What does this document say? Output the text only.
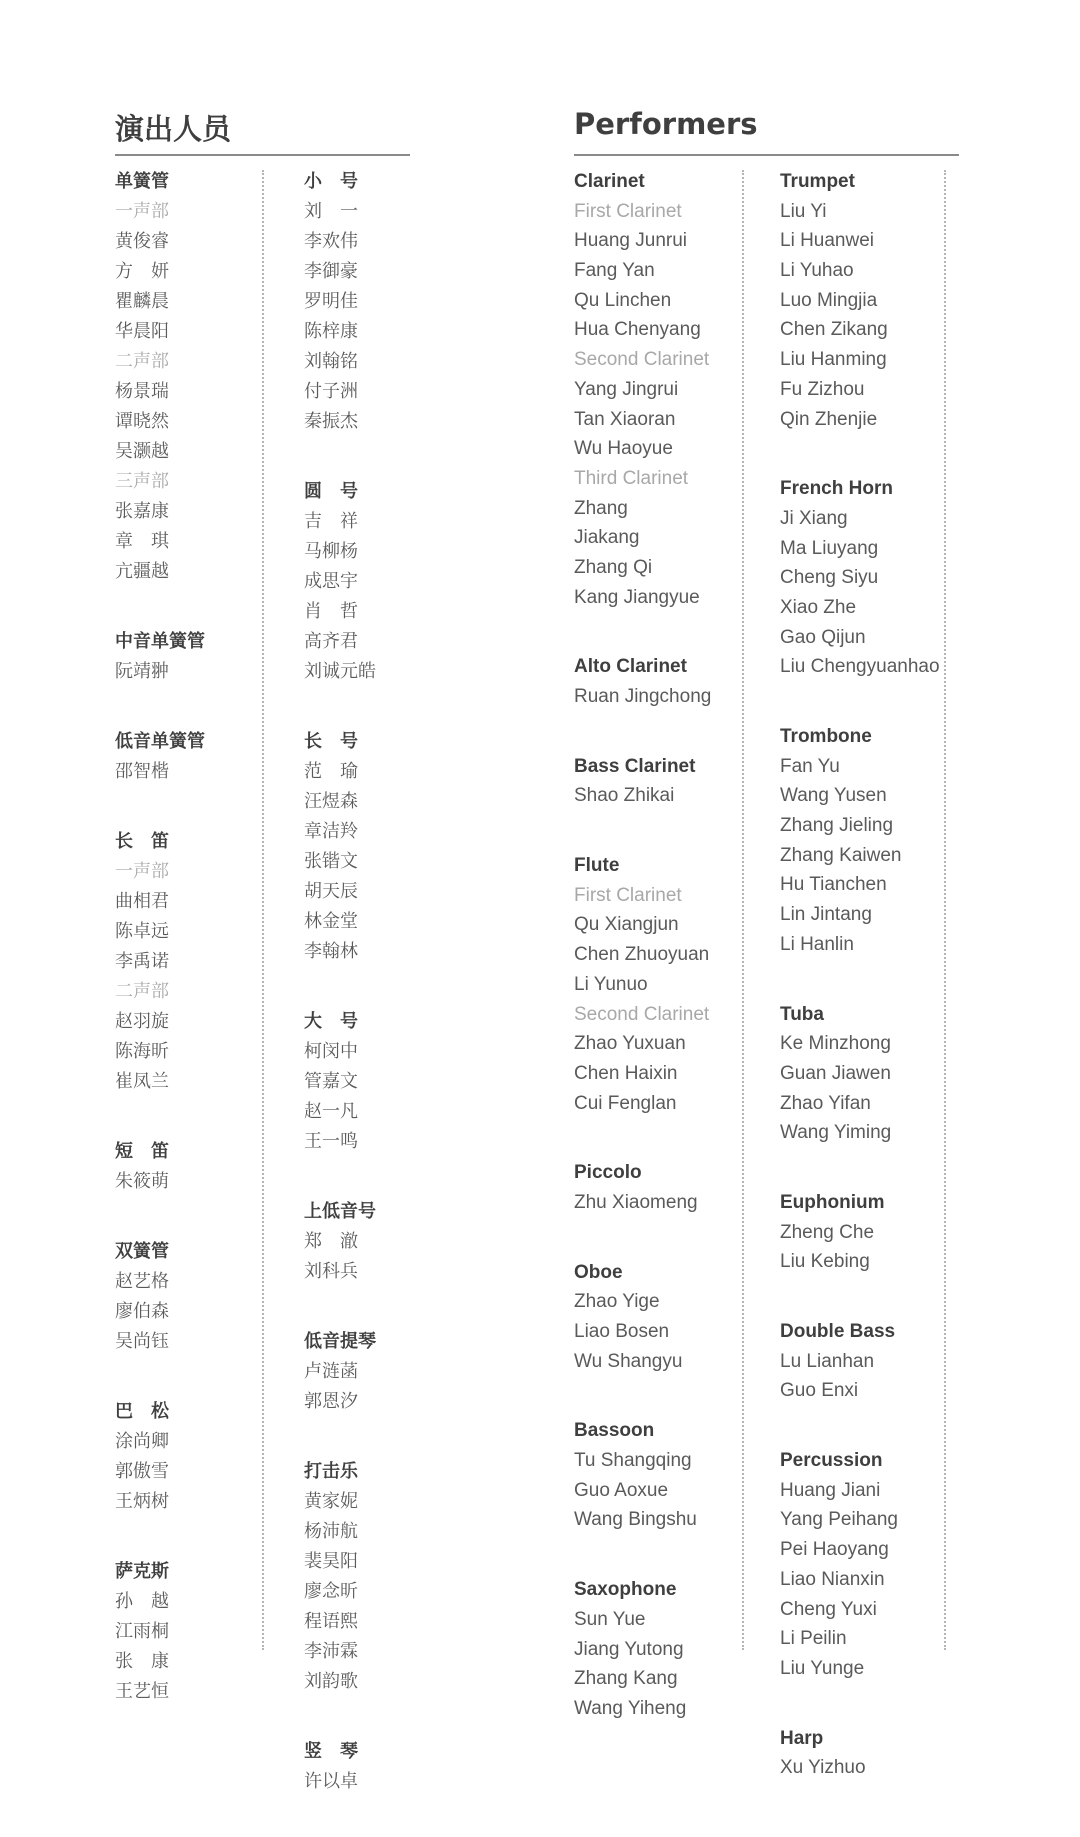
演出人员	Performers
单簧管
一声部
黄俊睿
方　妍
瞿麟晨
华晨阳
二声部
杨景瑞
谭晓然
吴灏越
三声部
张嘉康
章　琪
亢疆越
中音单簧管
阮靖翀
低音单簧管
邵智楷
长　笛
一声部
曲相君
陈卓远
李禹诺
二声部
赵羽旋
陈海昕
崔凤兰
短　笛
朱筱萌
双簧管
赵艺格
廖伯森
吴尚钰
巴　松
涂尚卿
郭傲雪
王炳树
萨克斯
孙　越
江雨桐
张　康
王艺恒
小　号
刘　一
李欢伟
李御豪
罗明佳
陈梓康
刘翰铭
付子洲
秦振杰
圆　号
吉　祥
马柳杨
成思宇
肖　哲
高齐君
刘诚元皓
长　号
范　瑜
汪煜森
章洁羚
张锴文
胡天辰
林金堂
李翰林
大　号
柯闵中
管嘉文
赵一凡
王一鸣
上低音号
郑　澈
刘科兵
低音提琴
卢涟菡
郭恩汐
打击乐
黄家妮
杨沛航
裴昊阳
廖念昕
程语熙
李沛霖
刘韵歌
竖　琴
许以卓
Clarinet
First Clarinet
Huang Junrui
Fang Yan
Qu Linchen
Hua Chenyang
Second Clarinet
Yang Jingrui
Tan Xiaoran
Wu Haoyue
Third Clarinet
Zhang
Jiakang
Zhang Qi
Kang Jiangyue
Alto Clarinet
Ruan Jingchong
Bass Clarinet
Shao Zhikai
Flute
First Clarinet
Qu Xiangjun
Chen Zhuoyuan
Li Yunuo
Second Clarinet
Zhao Yuxuan
Chen Haixin
Cui Fenglan
Piccolo
Zhu Xiaomeng
Oboe
Zhao Yige
Liao Bosen
Wu Shangyu
Bassoon
Tu Shangqing
Guo Aoxue
Wang Bingshu
Saxophone
Sun Yue
Jiang Yutong
Zhang Kang
Wang Yiheng
Trumpet
Liu Yi
Li Huanwei
Li Yuhao
Luo Mingjia
Chen Zikang
Liu Hanming
Fu Zizhou
Qin Zhenjie
French Horn
Ji Xiang
Ma Liuyang
Cheng Siyu
Xiao Zhe
Gao Qijun
Liu Chengyuanhao
Trombone
Fan Yu
Wang Yusen
Zhang Jieling
Zhang Kaiwen
Hu Tianchen
Lin Jintang
Li Hanlin
Tuba
Ke Minzhong
Guan Jiawen
Zhao Yifan
Wang Yiming
Euphonium
Zheng Che
Liu Kebing
Double Bass
Lu Lianhan
Guo Enxi
Percussion
Huang Jiani
Yang Peihang
Pei Haoyang
Liao Nianxin
Cheng Yuxi
Li Peilin
Liu Yunge
Harp
Xu Yizhuo
